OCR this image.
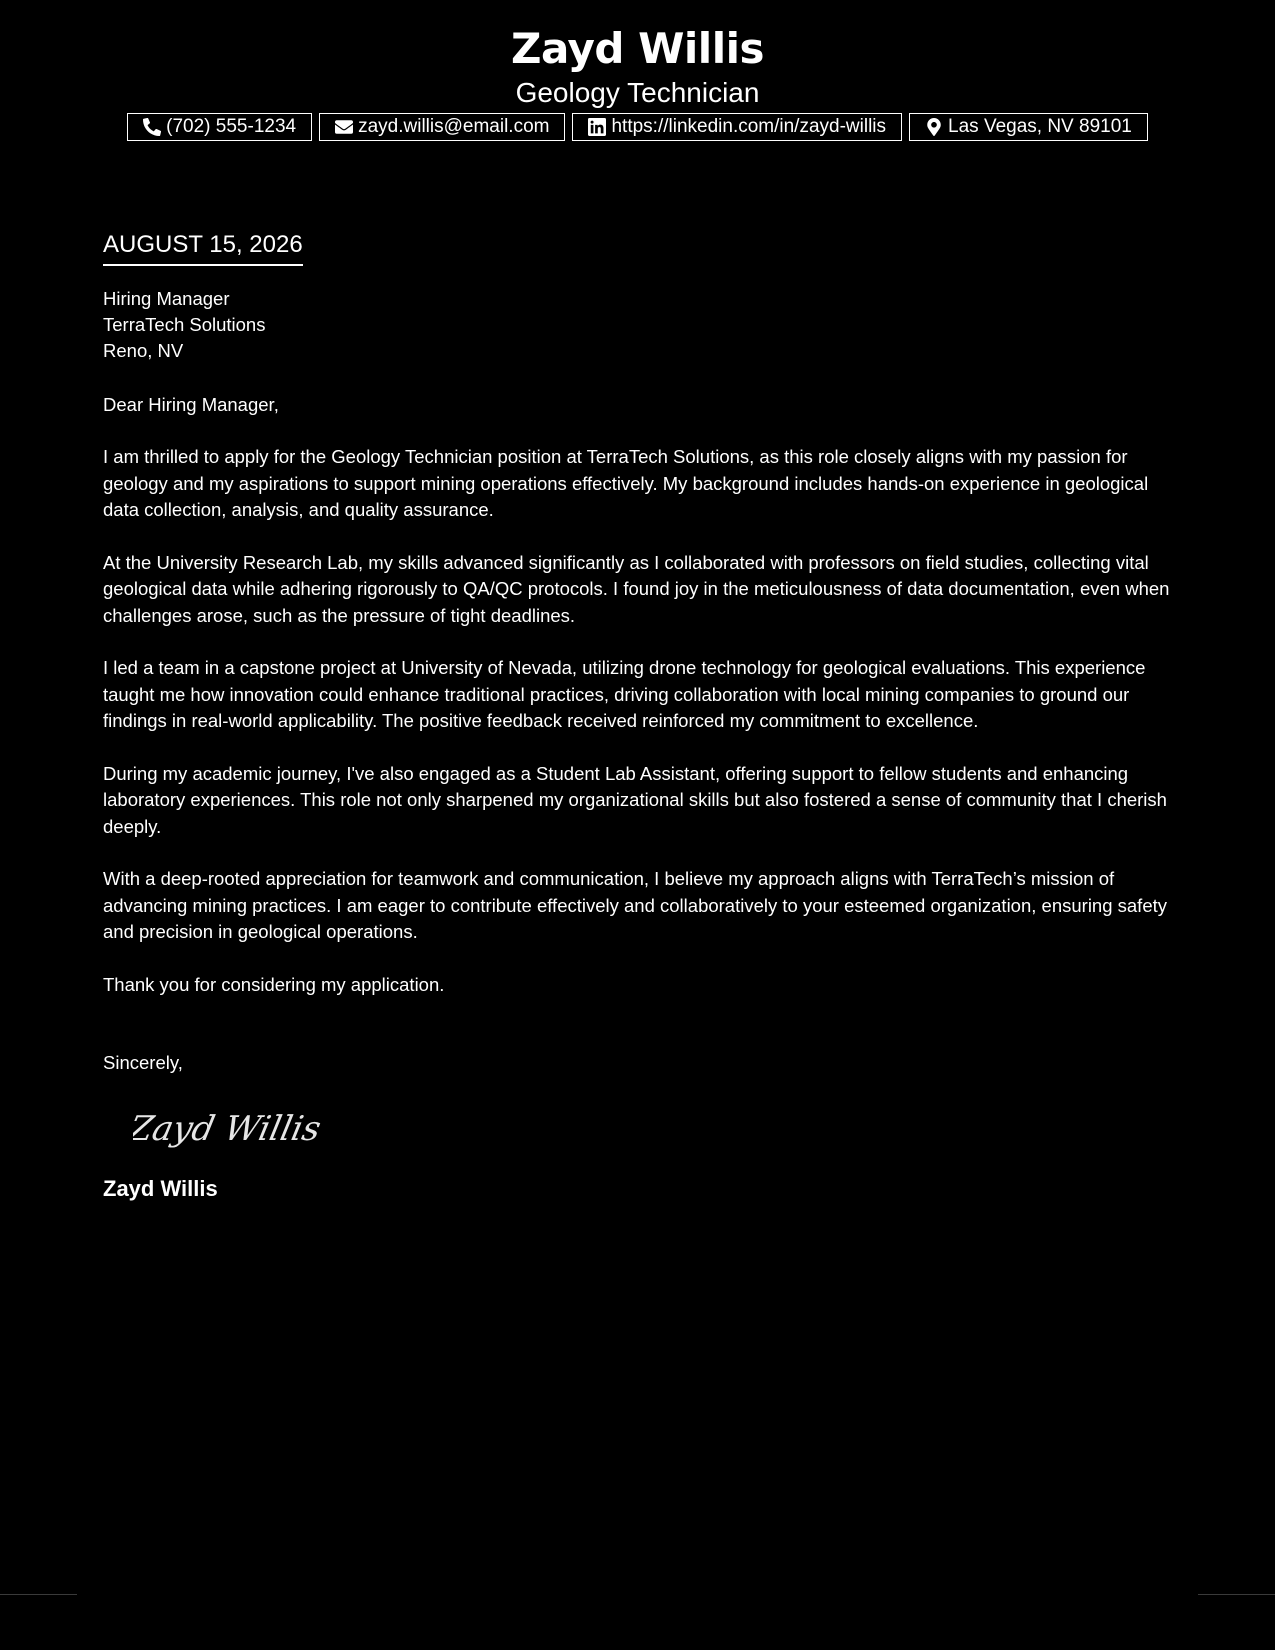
Zayd Willis
Geology Technician
(702) 555-1234	zayd.willis@email.com	https://linkedin.com/in/zayd-willis	Las Vegas, NV 89101
AUGUST 15, 2026
Hiring Manager
TerraTech Solutions
Reno, NV
Dear Hiring Manager,
I am thrilled to apply for the Geology Technician position at TerraTech Solutions, as this role closely aligns with my passion for geology and my aspirations to support mining operations effectively. My background includes hands-on experience in geological data collection, analysis, and quality assurance.
At the University Research Lab, my skills advanced significantly as I collaborated with professors on field studies, collecting vital geological data while adhering rigorously to QA/QC protocols. I found joy in the meticulousness of data documentation, even when challenges arose, such as the pressure of tight deadlines.
I led a team in a capstone project at University of Nevada, utilizing drone technology for geological evaluations. This experience taught me how innovation could enhance traditional practices, driving collaboration with local mining companies to ground our findings in real-world applicability. The positive feedback received reinforced my commitment to excellence.
During my academic journey, I've also engaged as a Student Lab Assistant, offering support to fellow students and enhancing laboratory experiences. This role not only sharpened my organizational skills but also fostered a sense of community that I cherish deeply.
With a deep-rooted appreciation for teamwork and communication, I believe my approach aligns with TerraTech’s mission of advancing mining practices. I am eager to contribute effectively and collaboratively to your esteemed organization, ensuring safety and precision in geological operations.
Thank you for considering my application.
Sincerely,
Zayd Willis
Zayd Willis
